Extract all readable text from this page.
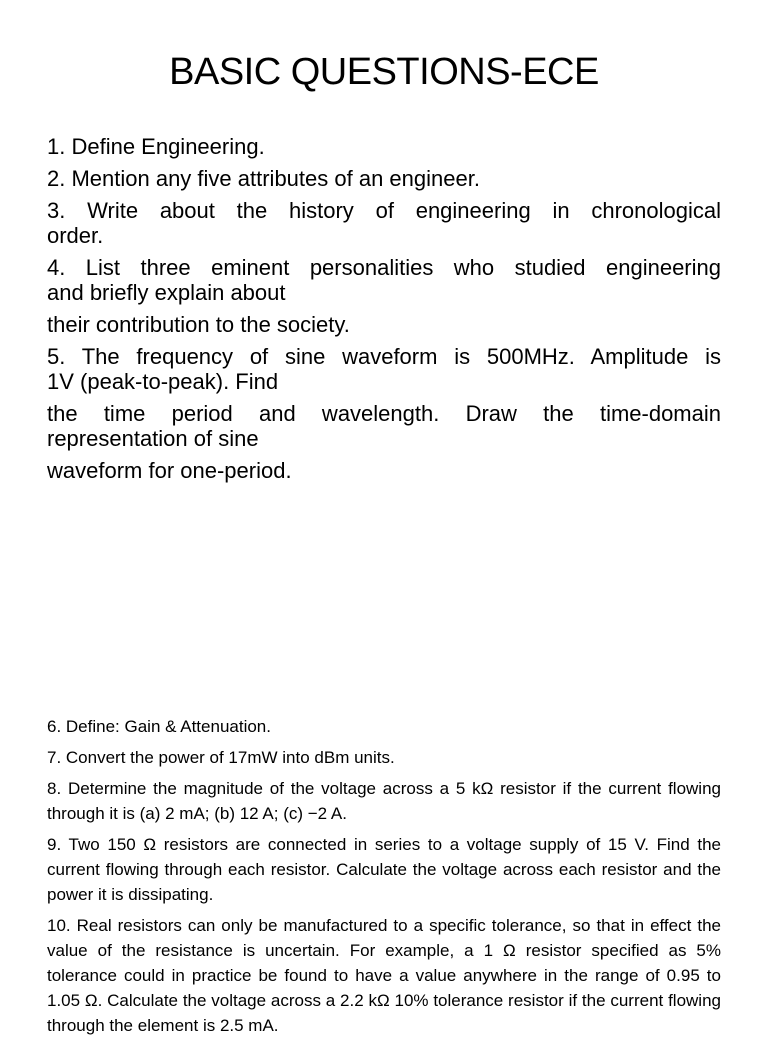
BASIC QUESTIONS-ECE

1. Define Engineering.

2. Mention any five attributes of an engineer.

3. Write about the history of engineering in chronological
order.
4. List three eminent personalities who studied engineering
and briefly explain about
their contribution to the society.
5. The frequency of sine waveform is 500MHz. Amplitude is
1V (peak-to-peak). Find
the time period and wavelength. Draw the time-domain
representation of sine
waveform for one-period.

6. Define: Gain & Attenuation.

7. Convert the power of 17mW into dBm units.

8. Determine the magnitude of the voltage across a 5 kΩ resistor if the current flowing through it is (a) 2 mA; (b) 12 A; (c) −2 A.

9. Two 150 Ω resistors are connected in series to a voltage supply of 15 V. Find the current flowing through each resistor. Calculate the voltage across each resistor and the power it is dissipating.

10. Real resistors can only be manufactured to a specific tolerance, so that in effect the value of the resistance is uncertain. For example, a 1 Ω resistor specified as 5% tolerance could in practice be found to have a value anywhere in the range of 0.95 to 1.05 Ω. Calculate the voltage across a 2.2 kΩ 10% tolerance resistor if the current flowing through the element is 2.5 mA.
